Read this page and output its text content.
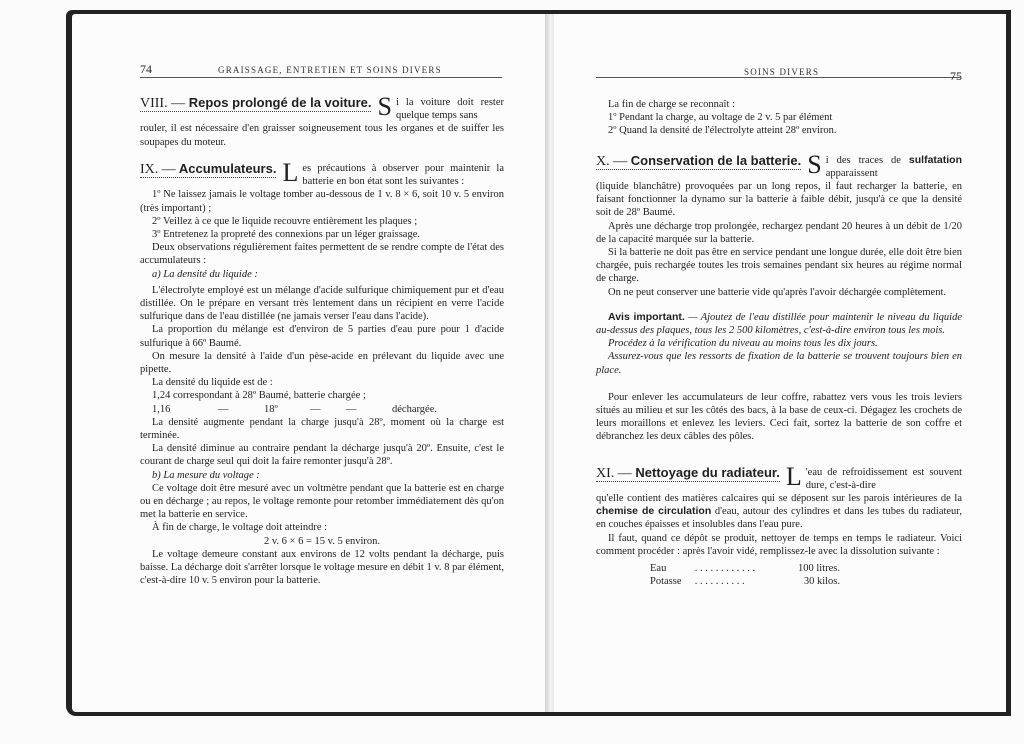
74	GRAISSAGE, ENTRETIEN ET SOINS DIVERS
VIII. — Repos prolongé de la voiture. Si la voiture doit rester quelque temps sans

rouler, il est nécessaire d'en graisser soigneusement tous les organes et de suiffer les soupapes du moteur.

IX. — Accumulateurs. Les précautions à observer pour maintenir la batterie en bon état sont les suivantes :

1º Ne laissez jamais le voltage tomber au-dessous de 1 v. 8 × 6, soit 10 v. 5 environ (très important) ;

2º Veillez à ce que le liquide recouvre entièrement les plaques ;

3º Entretenez la propreté des connexions par un léger graissage.

Deux observations régulièrement faites permettent de se rendre compte de l'état des accumulateurs :

a) La densité du liquide :

L'électrolyte employé est un mélange d'acide sulfurique chimiquement pur et d'eau distillée. On le prépare en versant très lentement dans un récipient en verre l'acide sulfurique dans de l'eau distillée (ne jamais verser l'eau dans l'acide).

La proportion du mélange est d'environ de 5 parties d'eau pure pour 1 d'acide sulfurique à 66º Baumé.

On mesure la densité à l'aide d'un pèse-acide en prélevant du liquide avec une pipette.

La densité du liquide est de :

1,24 correspondant à 28º Baumé, batterie chargée ;
1,16	—	18º	—	—	déchargée.

La densité augmente pendant la charge jusqu'à 28º, moment où la charge est terminée.

La densité diminue au contraire pendant la décharge jusqu'à 20º. Ensuite, c'est le courant de charge seul qui doit la faire remonter jusqu'à 28º.

b) La mesure du voltage :

Ce voltage doit être mesuré avec un voltmètre pendant que la batterie est en charge ou en décharge ; au repos, le voltage remonte pour retomber immédiatement dès qu'on met la batterie en service.

À fin de charge, le voltage doit atteindre :

2 v. 6 × 6 = 15 v. 5 environ.

Le voltage demeure constant aux environs de 12 volts pendant la décharge, puis baisse. La décharge doit s'arrêter lorsque le voltage mesure en débit 1 v. 8 par élément, c'est-à-dire 10 v. 5 environ pour la batterie.

SOINS DIVERS	75

La fin de charge se reconnaît :

1º Pendant la charge, au voltage de 2 v. 5 par élément

2º Quand la densité de l'électrolyte atteint 28º environ.

X. — Conservation de la batterie. Si des traces de sulfatation apparaissent

(liquide blanchâtre) provoquées par un long repos, il faut recharger la batterie, en faisant fonctionner la dynamo sur la batterie à faible débit, jusqu'à ce que la densité soit de 28º Baumé.

Après une décharge trop prolongée, rechargez pendant 20 heures à un débit de 1/20 de la capacité marquée sur la batterie.

Si la batterie ne doit pas être en service pendant une longue durée, elle doit être bien chargée, puis rechargée toutes les trois semaines pendant six heures au régime normal de charge.

On ne peut conserver une batterie vide qu'après l'avoir déchargée complètement.

Avis important. — Ajoutez de l'eau distillée pour maintenir le niveau du liquide au-dessus des plaques, tous les 2 500 kilomètres, c'est-à-dire environ tous les mois.

Procédez à la vérification du niveau au moins tous les dix jours.

Assurez-vous que les ressorts de fixation de la batterie se trouvent toujours bien en place.

Pour enlever les accumulateurs de leur coffre, rabattez vers vous les trois leviers situés au milieu et sur les côtés des bacs, à la base de ceux-ci. Dégagez les crochets de leurs moraillons et enlevez les leviers. Ceci fait, sortez la batterie de son coffre et débranchez les deux câbles des pôles.

XI. — Nettoyage du radiateur. L 'eau de refroidissement est souvent dure, c'est-à-dire

qu'elle contient des matières calcaires qui se déposent sur les parois intérieures de la chemise de circulation d'eau, autour des cylindres et dans les tubes du radiateur, en couches épaisses et insolubles dans l'eau pure.

Il faut, quand ce dépôt se produit, nettoyer de temps en temps le radiateur. Voici comment procéder : après l'avoir vidé, remplissez-le avec la dissolution suivante :

Eau	. . . . . . . . . . . .	100 litres.
Potasse	. . . . . . . . . .	30 kilos.
